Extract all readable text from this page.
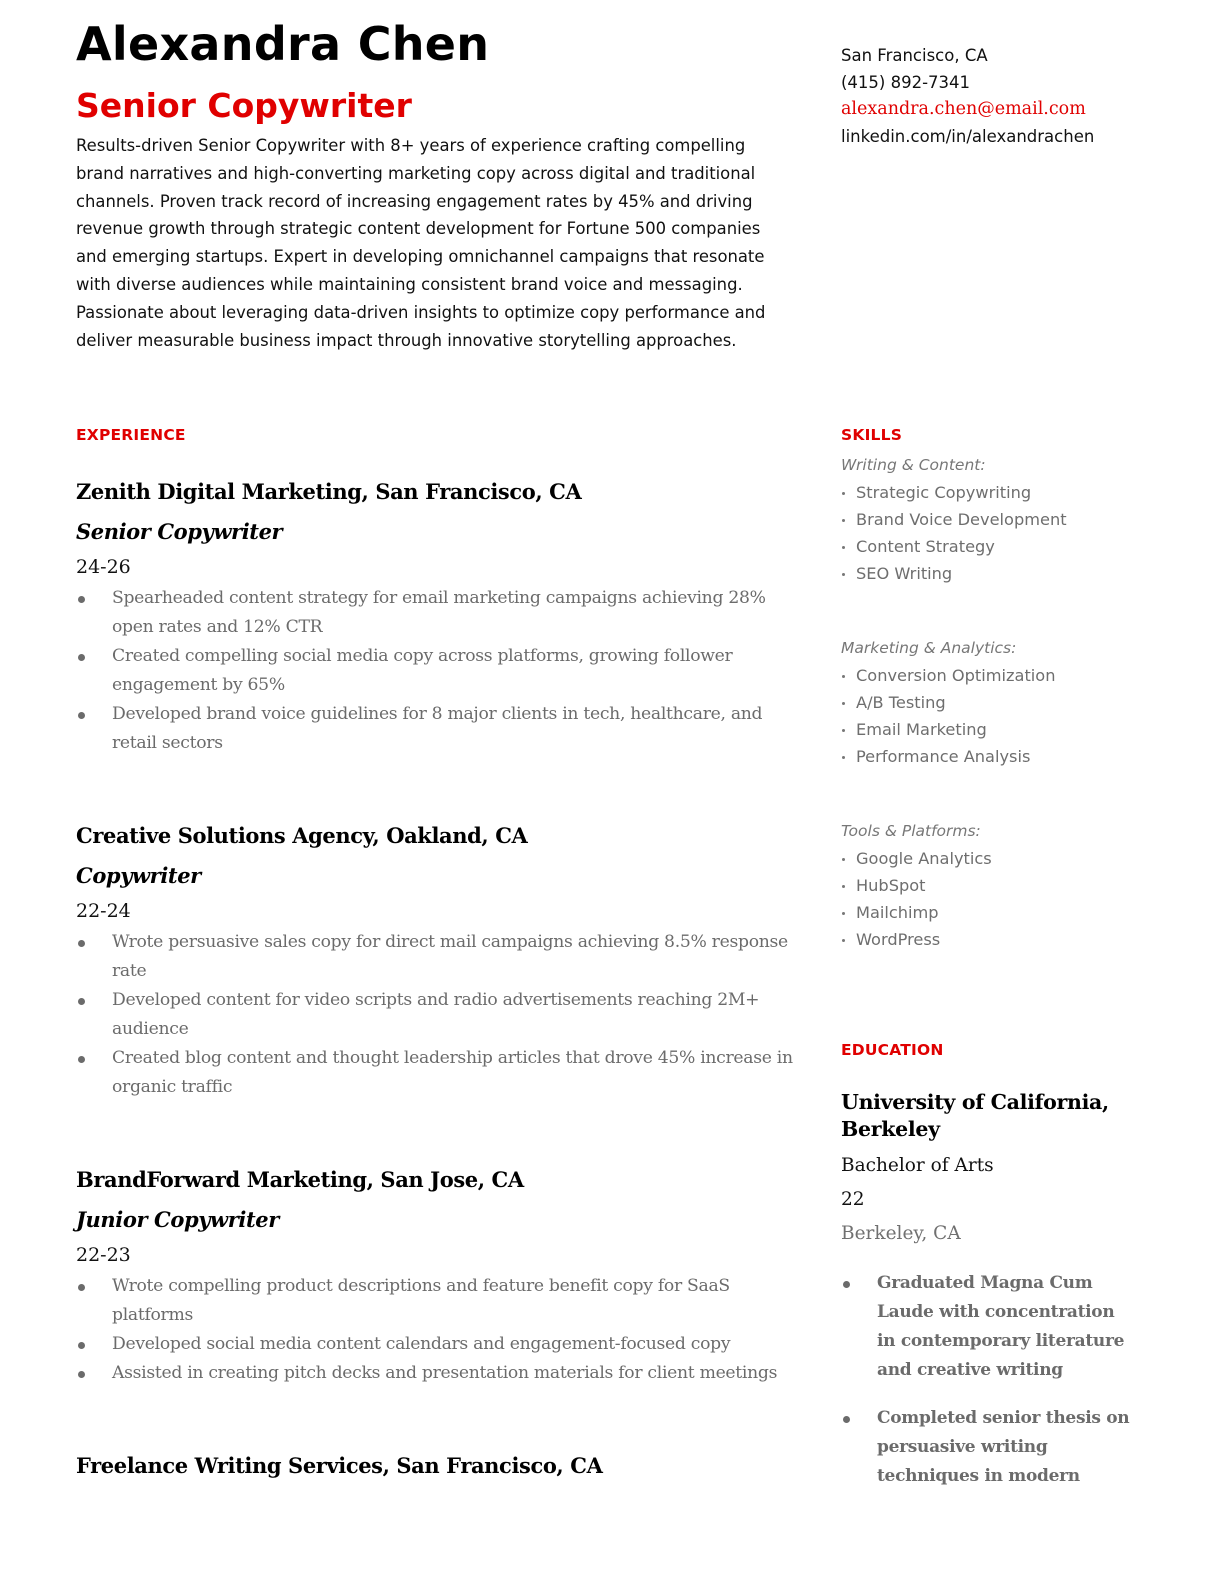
Alexandra Chen
Senior Copywriter

Results-driven Senior Copywriter with 8+ years of experience crafting compelling brand narratives and high-converting marketing copy across digital and traditional channels. Proven track record of increasing engagement rates by 45% and driving revenue growth through strategic content development for Fortune 500 companies and emerging startups. Expert in developing omnichannel campaigns that resonate with diverse audiences while maintaining consistent brand voice and messaging. Passionate about leveraging data-driven insights to optimize copy performance and deliver measurable business impact through innovative storytelling approaches.

San Francisco, CA
(415) 892-7341
alexandra.chen@email.com
linkedin.com/in/alexandrachen
EXPERIENCE

Zenith Digital Marketing, San Francisco, CA

Senior Copywriter

24-26

Spearheaded content strategy for email marketing campaigns achieving 28% open rates and 12% CTR
Created compelling social media copy across platforms, growing follower engagement by 65%
Developed brand voice guidelines for 8 major clients in tech, healthcare, and retail sectors

Creative Solutions Agency, Oakland, CA

Copywriter

22-24

Wrote persuasive sales copy for direct mail campaigns achieving 8.5% response rate
Developed content for video scripts and radio advertisements reaching 2M+ audience
Created blog content and thought leadership articles that drove 45% increase in organic traffic

BrandForward Marketing, San Jose, CA

Junior Copywriter

22-23

Wrote compelling product descriptions and feature benefit copy for SaaS platforms
Developed social media content calendars and engagement-focused copy
Assisted in creating pitch decks and presentation materials for client meetings

Freelance Writing Services, San Francisco, CA

SKILLS

Writing & Content:

Strategic Copywriting
Brand Voice Development
Content Strategy
SEO Writing

Marketing & Analytics:

Conversion Optimization
A/B Testing
Email Marketing
Performance Analysis

Tools & Platforms:

Google Analytics
HubSpot
Mailchimp
WordPress
EDUCATION

University of California, Berkeley

Bachelor of Arts

22

Berkeley, CA

Graduated Magna Cum Laude with concentration in contemporary literature and creative writing
Completed senior thesis on persuasive writing techniques in modern
